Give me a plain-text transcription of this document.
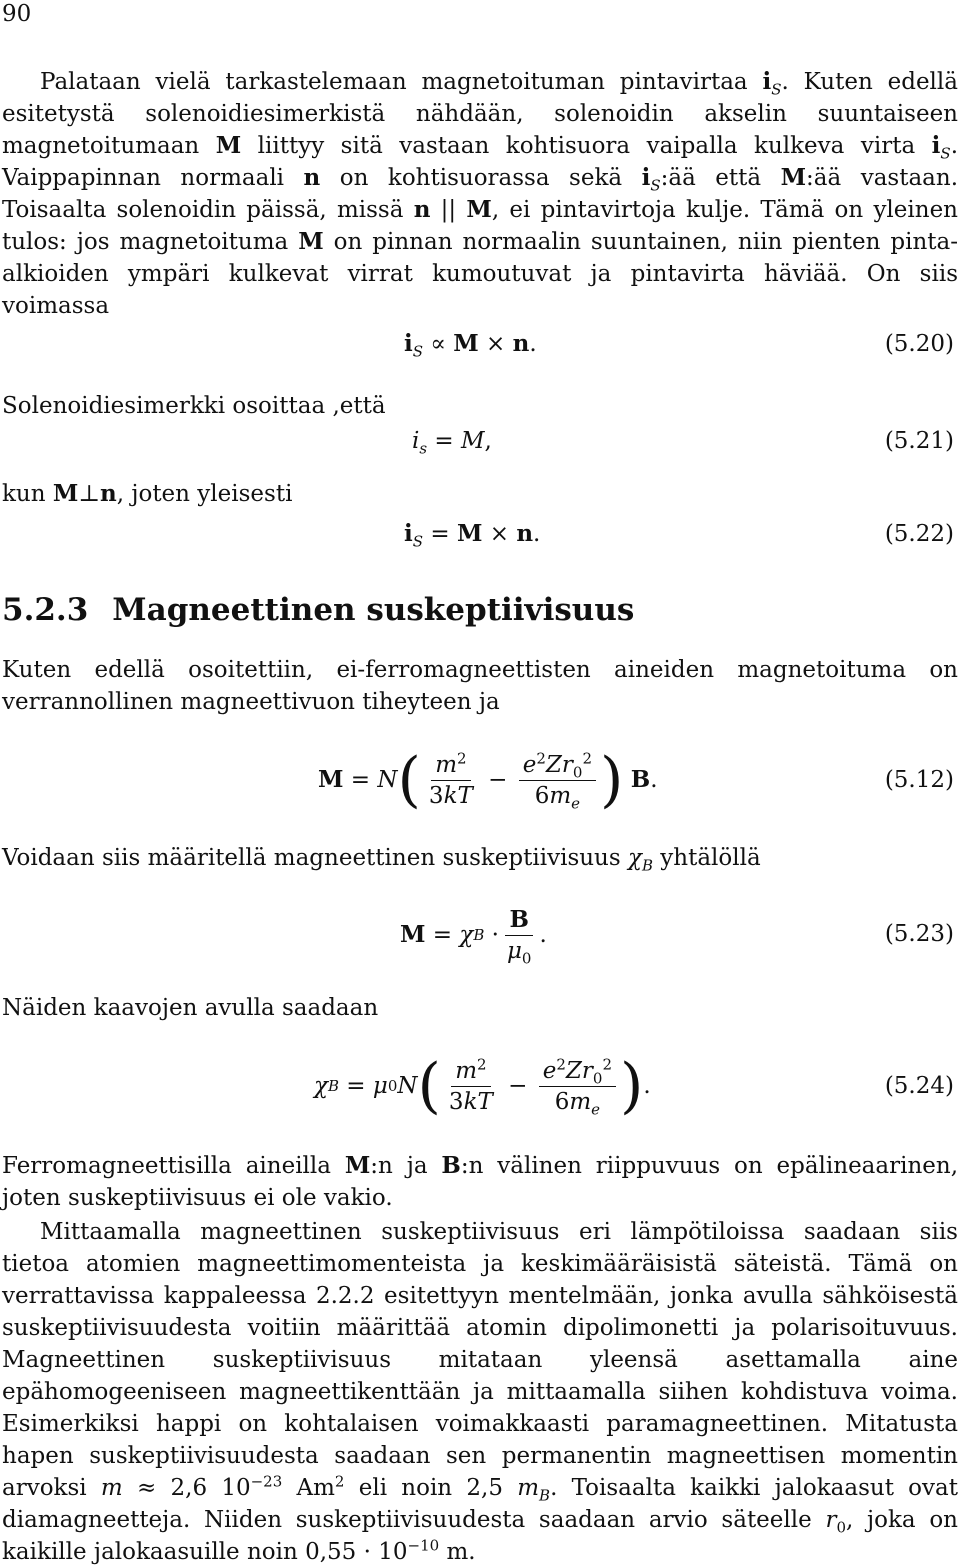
90
Palataan vielä tarkastelemaan magnetoituman pintavirtaa $i_S$. Kuten edellä esitetystä solenoidiesimerkistä nähdään, solenoidin akselin suuntaiseen magnetoitumaan M liittyy sitä vastaan kohtisuora vaipalla kulkeva virta $i_S$. Vaippapinnan normaali n on kohtisuorassa sekä $i_S:ää$ että M:ää vastaan. Toisaalta solenoidin päissä, missä n || M, ei pintavirtoja kulje. Tämä on yleinen tulos: jos magnetoituma M on pinnan normaalin suuntainen, niin pienten pinta-alkioiden ympäri kulkevat virrat kumoutuvat ja pintavirta häviää. On siis voimassa
$i_S \propto M \times n$.	(5.20)
Solenoidiesimerkki osoittaa ,että
$i_s = M$,	(5.21)
kun M⊥n, joten yleisesti
$i_S = M \times n$.	(5.22)
5.2.3 Magneettinen suskeptiivisuus
Kuten edellä osoitettiin, ei-ferromagneettisten aineiden magnetoituma on verrannollinen magneettivuon tiheyteen ja
M = N ( $\frac{m^2}{3kT} - \frac{e^2Zr_0^2}{6m_e}$ )
B .	(5.12)
Voidaan siis määritellä magneettinen suskeptiivisuus $\chi_B$ yhtälöllä
M = χ $B \cdot \frac{B}{\mu_0}$ .	(5.23)
Näiden kaavojen avulla saadaan
χ B = μ 0 N ( $\frac{m^2}{3kT} - \frac{e^2Zr_0^2}{6m_e}$ ) .	(5.24)
Ferromagneettisilla aineilla M:n ja B:n välinen riippuvuus on epälineaarinen, joten suskeptiivisuus ei ole vakio.
Mittaamalla magneettinen suskeptiivisuus eri lämpötiloissa saadaan siis tietoa atomien magneettimomenteista ja keskimääräisistä säteistä. Tämä on verrattavissa kappaleessa 2.2.2 esitettyyn mentelmään, jonka avulla sähköisestä suskeptiivisuudesta voitiin määrittää atomin dipolimonetti ja polarisoituvuus. Magneettinen suskeptiivisuus mitataan yleensä asettamalla aine epähomogeeniseen magneettikenttään ja mittaamalla siihen kohdistuva voima. Esimerkiksi happi on kohtalaisen voimakkaasti paramagneettinen. Mitatusta hapen suskeptiivisuudesta saadaan sen permanentin magneettisen momentin arvoksi m ≈ 2,6 $10^{-23}$ Am$^2$ eli noin 2,5 $m_B$. Toisaalta kaikki jalokaasut ovat diamagneetteja. Niiden suskeptiivisuudesta saadaan arvio säteelle $r_0$, joka on kaikille jalokaasuille noin $0,55 \cdot 10^{-10}$ m.
